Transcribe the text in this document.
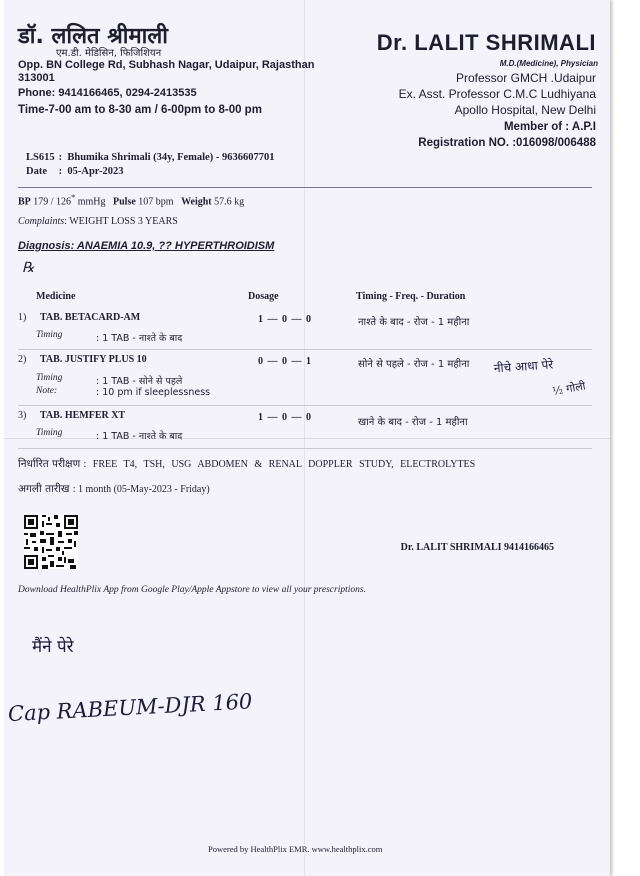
डॉ. ललित श्रीमाली
एम.डी. मेडिसिन, फिजिशियन
Opp. BN College Rd, Subhash Nagar, Udaipur, Rajasthan 313001
Phone: 9414166465, 0294-2413535
Time-7-00 am to 8-30 am / 6-00pm to 8-00 pm
Dr. LALIT SHRIMALI
M.D.(Medicine), Physician
Professor GMCH .Udaipur
Ex. Asst. Professor C.M.C Ludhiyana
Apollo Hospital, New Delhi
Member of : A.P.I
Registration NO. :016098/006488
LS615 :  Bhumika Shrimali (34y, Female) - 9636607701
Date :  05-Apr-2023
BP 179 / 126* mmHg Pulse 107 bpm Weight 57.6 kg
Complaints: WEIGHT LOSS 3 YEARS
Diagnosis: ANAEMIA 10.9, ?? HYPERTHROIDISM
℞
Medicine	Dosage	Timing - Freq. - Duration
1) TAB. BETACARD-AM	1 — 0 — 0	नाश्ते के बाद - रोज - 1 महीना
Timing	: 1 TAB - नाश्ते के बाद
2) TAB. JUSTIFY PLUS 10	0 — 0 — 1	सोने से पहले - रोज - 1 महीना
Timing	: 1 TAB - सोने से पहले
Note:	: 10 pm if sleeplessness
3) TAB. HEMFER XT	1 — 0 — 0	खाने के बाद - रोज - 1 महीना
Timing	: 1 TAB - नाश्ते के बाद
निर्धारित परीक्षण : FREE T4, TSH, USG ABDOMEN & RENAL DOPPLER STUDY, ELECTROLYTES
अगली तारीख : 1 month (05-May-2023 - Friday)
Dr. LALIT SHRIMALI 9414166465
Download HealthPlix App from Google Play/Apple Appstore to view all your prescriptions.
Powered by HealthPlix EMR. www.healthplix.com
नीचे आधा पेरे
½ गोली
मैंने पेरे
Cap RABEUM-DJR 160
